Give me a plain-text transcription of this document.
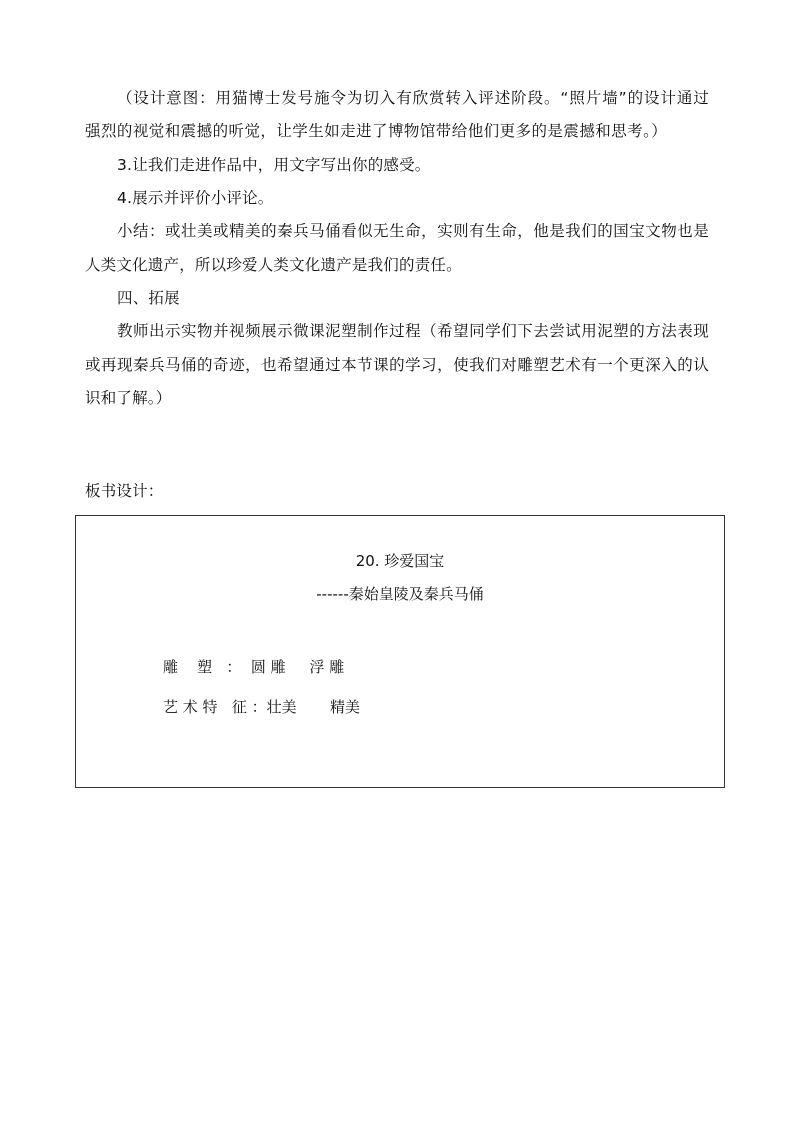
（设计意图：用猫博士发号施令为切入有欣赏转入评述阶段。“照片墙”的设计通过
强烈的视觉和震撼的听觉，让学生如走进了博物馆带给他们更多的是震撼和思考。）
3.让我们走进作品中，用文字写出你的感受。
4.展示并评价小评论。
小结：或壮美或精美的秦兵马俑看似无生命，实则有生命，他是我们的国宝文物也是
人类文化遗产，所以珍爱人类文化遗产是我们的责任。
四、拓展
教师出示实物并视频展示微课泥塑制作过程（希望同学们下去尝试用泥塑的方法表现
或再现秦兵马俑的奇迹，也希望通过本节课的学习，使我们对雕塑艺术有一个更深入的认
识和了解。）
板书设计：
20. 珍爱国宝
------秦始皇陵及秦兵马俑
雕    塑   ：  圆 雕     浮 雕
艺 术 特   征 ：壮美       精美
